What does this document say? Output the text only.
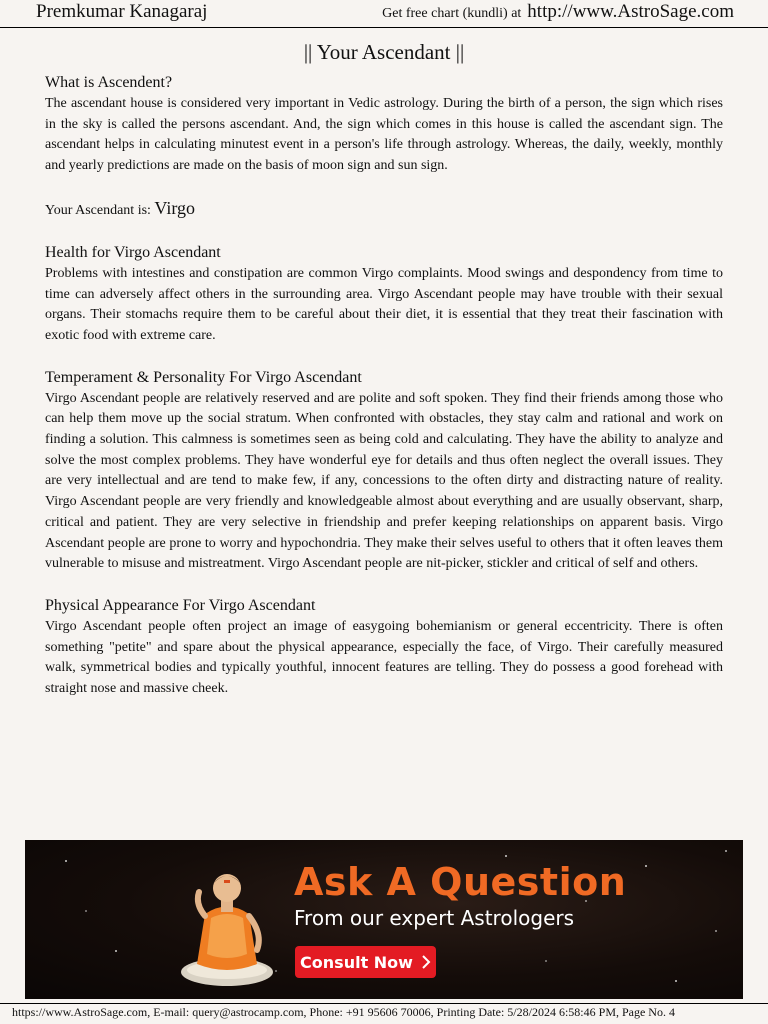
Premkumar Kanagaraj	Get free chart (kundli) at http://www.AstroSage.com
|| Your Ascendant ||
What is Ascendent?

The ascendant house is considered very important in Vedic astrology. During the birth of a person, the sign which rises in the sky is called the persons ascendant. And, the sign which comes in this house is called the ascendant sign. The ascendant helps in calculating minutest event in a person's life through astrology. Whereas, the daily, weekly, monthly and yearly predictions are made on the basis of moon sign and sun sign.

Your Ascendant is: Virgo
Health for Virgo Ascendant

Problems with intestines and constipation are common Virgo complaints. Mood swings and despondency from time to time can adversely affect others in the surrounding area. Virgo Ascendant people may have trouble with their sexual organs. Their stomachs require them to be careful about their diet, it is essential that they treat their fascination with exotic food with extreme care.

Temperament & Personality For Virgo Ascendant

Virgo Ascendant people are relatively reserved and are polite and soft spoken. They find their friends among those who can help them move up the social stratum. When confronted with obstacles, they stay calm and rational and work on finding a solution. This calmness is sometimes seen as being cold and calculating. They have the ability to analyze and solve the most complex problems. They have wonderful eye for details and thus often neglect the overall issues. They are very intellectual and are tend to make few, if any, concessions to the often dirty and distracting nature of reality. Virgo Ascendant people are very friendly and knowledgeable almost about everything and are usually observant, sharp, critical and patient. They are very selective in friendship and prefer keeping relationships on apparent basis. Virgo Ascendant people are prone to worry and hypochondria. They make their selves useful to others that it often leaves them vulnerable to misuse and mistreatment. Virgo Ascendant people are nit-picker, stickler and critical of self and others.

Physical Appearance For Virgo Ascendant

Virgo Ascendant people often project an image of easygoing bohemianism or general eccentricity. There is often something "petite" and spare about the physical appearance, especially the face, of Virgo. Their carefully measured walk, symmetrical bodies and typically youthful, innocent features are telling. They do possess a good forehead with straight nose and massive cheek.

Ask A Question
From our expert Astrologers
Consult Now
https://www.AstroSage.com, E-mail: query@astrocamp.com, Phone: +91 95606 70006, Printing Date: 5/28/2024 6:58:46 PM, Page No. 4
